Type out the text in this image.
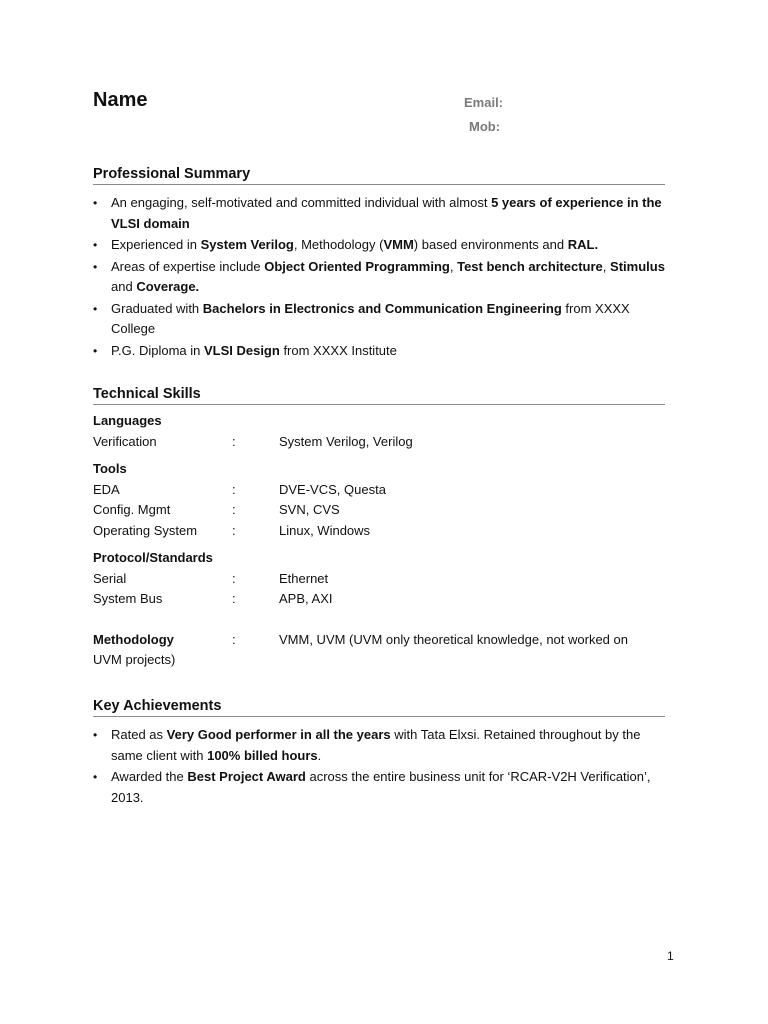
Name	Email:
Mob:
Professional Summary
• An engaging, self-motivated and committed individual with almost 5 years of experience in the VLSI domain
• Experienced in System Verilog, Methodology (VMM) based environments and RAL.
• Areas of expertise include Object Oriented Programming, Test bench architecture, Stimulus and Coverage.
• Graduated with Bachelors in Electronics and Communication Engineering from XXXX College
• P.G. Diploma in VLSI Design from XXXX Institute
Technical Skills
Languages
Verification	:	System Verilog, Verilog
Tools
EDA	:	DVE-VCS, Questa
Config. Mgmt	:	SVN, CVS
Operating System	:	Linux, Windows
Protocol/Standards
Serial	:	Ethernet
System Bus	:	APB, AXI
Methodology	:	VMM, UVM (UVM only theoretical knowledge, not worked on
UVM projects)
Key Achievements
• Rated as Very Good performer in all the years with Tata Elxsi. Retained throughout by the same client with 100% billed hours.
• Awarded the Best Project Award across the entire business unit for ‘RCAR-V2H Verification’, 2013.
1
